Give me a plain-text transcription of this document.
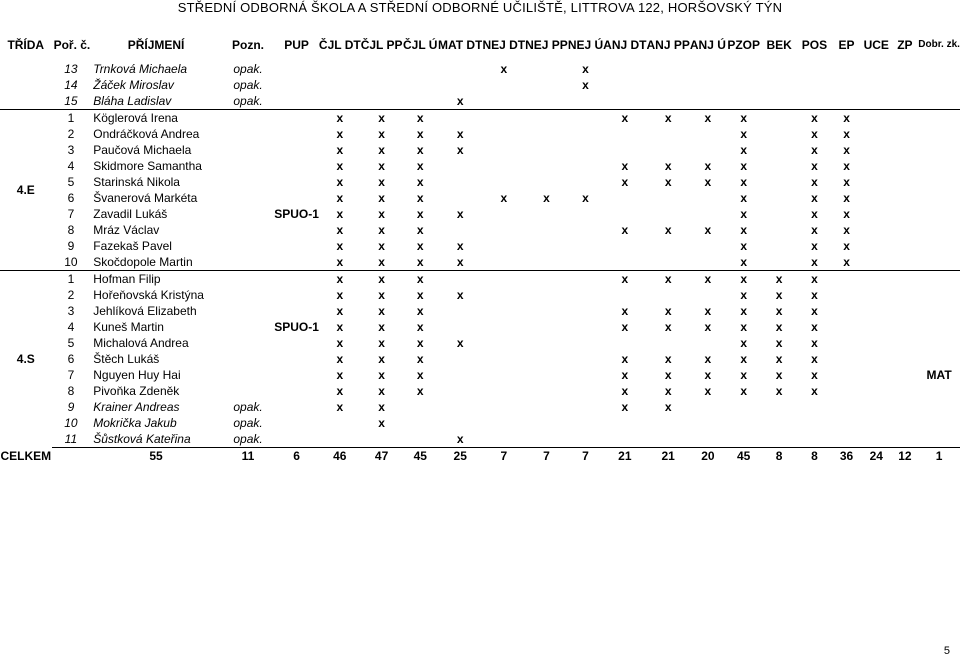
STŘEDNÍ ODBORNÁ ŠKOLA A STŘEDNÍ ODBORNÉ UČILIŠTĚ, LITTROVA 122, HORŠOVSKÝ TÝN
TŘÍDA	Poř. č.	PŘÍJMENÍ	Pozn.	PUP	ČJL DT	ČJL PP	ČJL Ú	MAT DT	NEJ DT	NEJ PP	NEJ Ú	ANJ DT	ANJ PP	ANJ Ú	PZOP	BEK	POS	EP	UCE	ZP	Dobr. zk.
	13	Trnková Michaela	opak.						x		x										
	14	Žáček Miroslav	opak.								x										
	15	Bláha Ladislav	opak.					x													
4.E	1	Köglerová Irena			x	x	x					x	x	x	x		x	x			
	2	Ondráčková Andrea			x	x	x	x							x		x	x			
	3	Paučová Michaela			x	x	x	x							x		x	x			
	4	Skidmore Samantha			x	x	x					x	x	x	x		x	x			
	5	Starinská Nikola			x	x	x					x	x	x	x		x	x			
	6	Švanerová Markéta			x	x	x		x	x	x				x		x	x			
	7	Zavadil Lukáš		SPUO-1	x	x	x	x							x		x	x			
	8	Mráz Václav			x	x	x					x	x	x	x		x	x			
	9	Fazekaš Pavel			x	x	x	x							x		x	x			
	10	Skočdopole Martin			x	x	x	x							x		x	x			
4.S	1	Hofman Filip			x	x	x					x	x	x	x	x	x				
	2	Hořeňovská Kristýna			x	x	x	x							x	x	x				
	3	Jehlíková Elizabeth			x	x	x					x	x	x	x	x	x				
	4	Kuneš Martin		SPUO-1	x	x	x					x	x	x	x	x	x				
	5	Michalová Andrea			x	x	x	x							x	x	x				
	6	Štěch Lukáš			x	x	x					x	x	x	x	x	x				
	7	Nguyen Huy Hai			x	x	x					x	x	x	x	x	x				MAT
	8	Pivoňka Zdeněk			x	x	x					x	x	x	x	x	x				
	9	Krainer Andreas	opak.		x	x						x	x								
	10	Mokrička Jakub	opak.			x															
	11	Šůstková Kateřina	opak.					x													
CELKEM		55	11	6	46	47	45	25	7	7	7	21	21	20	45	8	8	36	24	12	1
5
